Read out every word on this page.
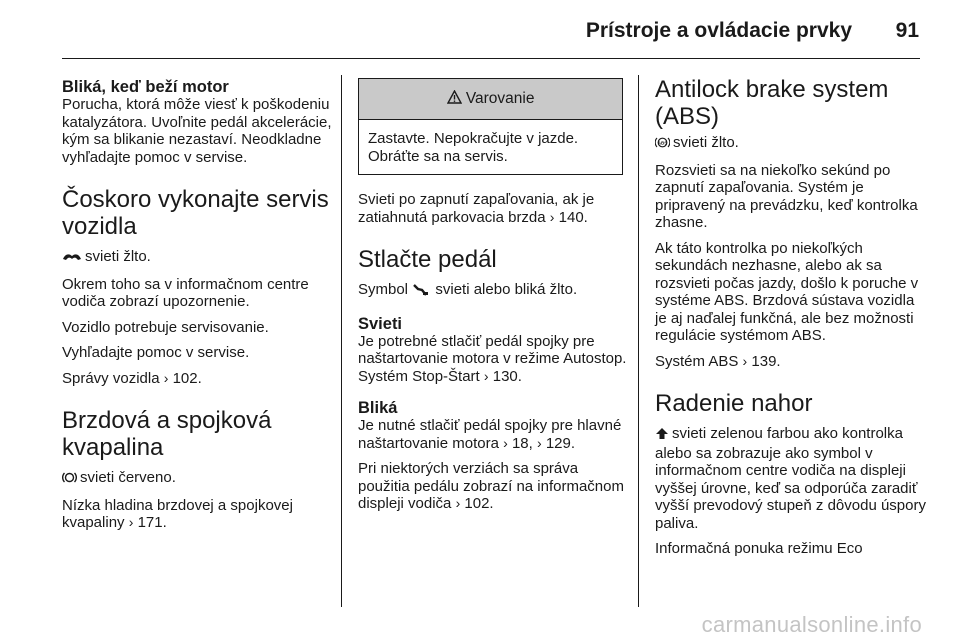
Prístroje a ovládacie prvky 91
Bliká, keď beží motor

Porucha, ktorá môže viesť k poškodeniu katalyzátora. Uvoľnite pedál akcelerácie, kým sa blikanie nezastaví. Neodkladne vyhľadajte pomoc v servise.

Čoskoro vykonajte servis vozidla

svieti žlto.

Okrem toho sa v informačnom centre vodiča zobrazí upozornenie.

Vozidlo potrebuje servisovanie.

Vyhľadajte pomoc v servise.

Správy vozidla › 102.

Brzdová a spojková kvapalina

svieti červeno.

Nízka hladina brzdovej a spojkovej kvapaliny › 171.

Varovanie
Zastavte. Nepokračujte v jazde. Obráťte sa na servis.

Svieti po zapnutí zapaľovania, ak je zatiahnutá parkovacia brzda › 140.

Stlačte pedál

Symbol svieti alebo bliká žlto.

Svieti

Je potrebné stlačiť pedál spojky pre naštartovanie motora v režime Autostop. Systém Stop-Štart › 130.

Bliká

Je nutné stlačiť pedál spojky pre hlavné naštartovanie motora › 18, › 129.

Pri niektorých verziách sa správa použitia pedálu zobrazí na informačnom displeji vodiča › 102.

Antilock brake system (ABS)

ABS svieti žlto.

Rozsvieti sa na niekoľko sekúnd po zapnutí zapaľovania. Systém je pripravený na prevádzku, keď kontrolka zhasne.

Ak táto kontrolka po niekoľkých sekundách nezhasne, alebo ak sa rozsvieti počas jazdy, došlo k poruche v systéme ABS. Brzdová sústava vozidla je aj naďalej funkčná, ale bez možnosti regulácie systémom ABS.

Systém ABS › 139.

Radenie nahor

svieti zelenou farbou ako kontrolka alebo sa zobrazuje ako symbol v informačnom centre vodiča na displeji vyššej úrovne, keď sa odporúča zaradiť vyšší prevodový stupeň z dôvodu úspory paliva.

Informačná ponuka režimu Eco

carmanualsonline.info
